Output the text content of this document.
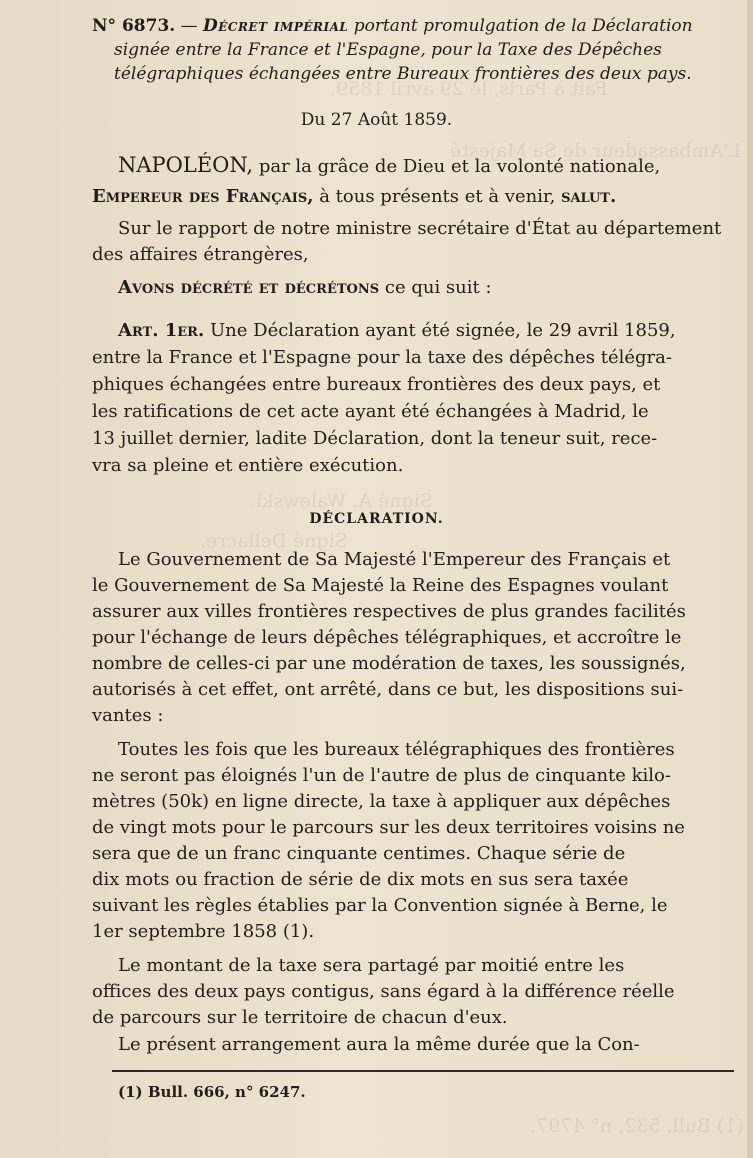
Fait à Paris, le 29 avril 1859.
L'Ambassadeur de Sa Majesté
Signé A. Walewski.
Signé Dellacre.
(1) Bull. 532, n° 4797.
N° 6873. — Décret impérial portant promulgation de la Déclaration
signée entre la France et l'Espagne, pour la Taxe des Dépêches
télégraphiques échangées entre Bureaux frontières des deux pays.
Du 27 Août 1859.
NAPOLÉON, par la grâce de Dieu et la volonté nationale,
Empereur des Français, à tous présents et à venir, salut.
Sur le rapport de notre ministre secrétaire d'État au département
des affaires étrangères,
Avons décrété et décrétons ce qui suit :
Art. 1er. Une Déclaration ayant été signée, le 29 avril 1859,
entre la France et l'Espagne pour la taxe des dépêches télégra-
phiques échangées entre bureaux frontières des deux pays, et
les ratifications de cet acte ayant été échangées à Madrid, le
13 juillet dernier, ladite Déclaration, dont la teneur suit, rece-
vra sa pleine et entière exécution.
DÉCLARATION.
Le Gouvernement de Sa Majesté l'Empereur des Français et
le Gouvernement de Sa Majesté la Reine des Espagnes voulant
assurer aux villes frontières respectives de plus grandes facilités
pour l'échange de leurs dépêches télégraphiques, et accroître le
nombre de celles-ci par une modération de taxes, les soussignés,
autorisés à cet effet, ont arrêté, dans ce but, les dispositions sui-
vantes :
Toutes les fois que les bureaux télégraphiques des frontières
ne seront pas éloignés l'un de l'autre de plus de cinquante kilo-
mètres (50k) en ligne directe, la taxe à appliquer aux dépêches
de vingt mots pour le parcours sur les deux territoires voisins ne
sera que de un franc cinquante centimes. Chaque série de
dix mots ou fraction de série de dix mots en sus sera taxée
suivant les règles établies par la Convention signée à Berne, le
1er septembre 1858 (1).
Le montant de la taxe sera partagé par moitié entre les
offices des deux pays contigus, sans égard à la différence réelle
de parcours sur le territoire de chacun d'eux.
Le présent arrangement aura la même durée que la Con-
(1) Bull. 666, n° 6247.
